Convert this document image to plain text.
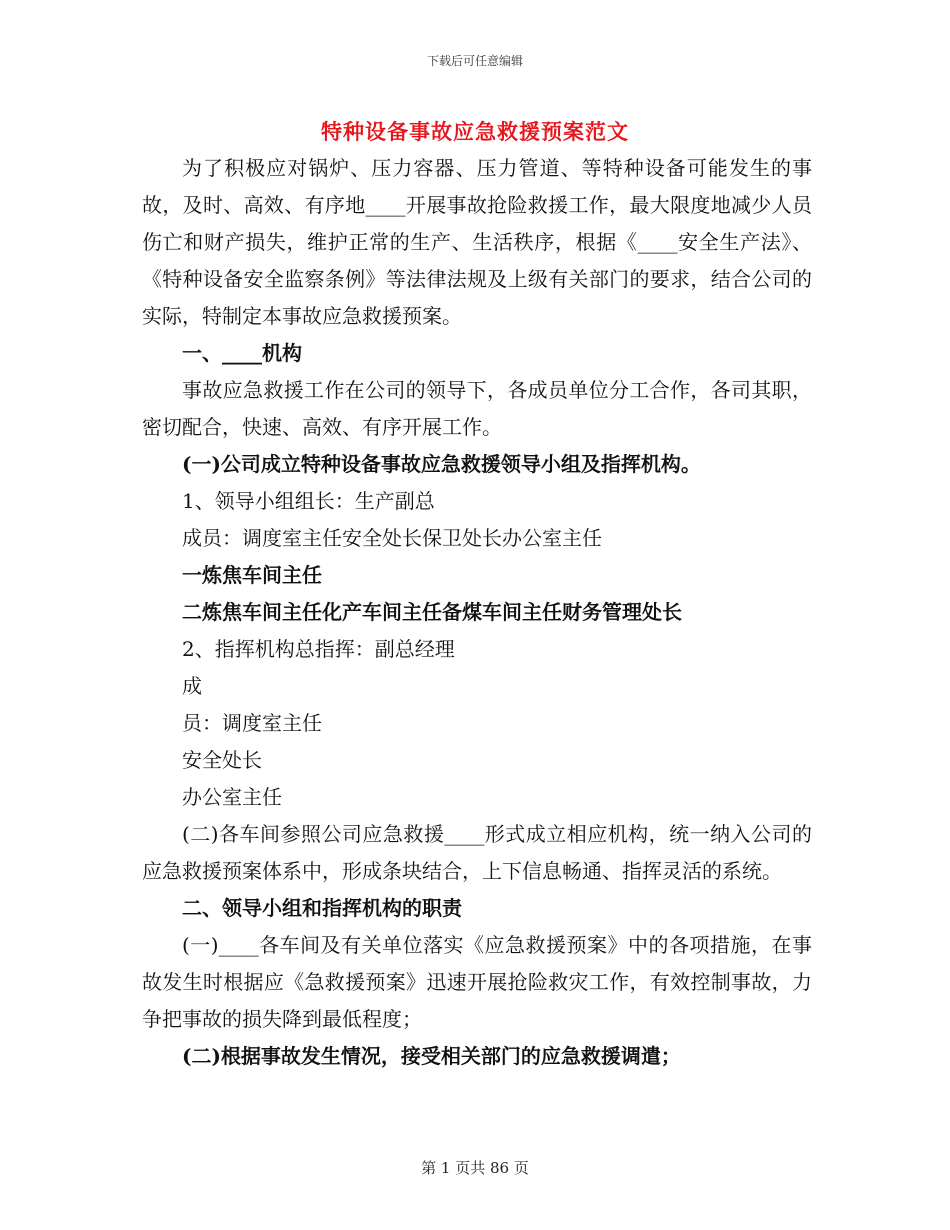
下载后可任意编辑
特种设备事故应急救援预案范文

为了积极应对锅炉、压力容器、压力管道、等特种设备可能发生的事故，及时、高效、有序地____开展事故抢险救援工作，最大限度地减少人员伤亡和财产损失，维护正常的生产、生活秩序，根据《____安全生产法》、《特种设备安全监察条例》等法律法规及上级有关部门的要求，结合公司的实际，特制定本事故应急救援预案。

一、____机构

事故应急救援工作在公司的领导下，各成员单位分工合作，各司其职，密切配合，快速、高效、有序开展工作。

(一)公司成立特种设备事故应急救援领导小组及指挥机构。

1、领导小组组长：生产副总

成员：调度室主任安全处长保卫处长办公室主任

一炼焦车间主任

二炼焦车间主任化产车间主任备煤车间主任财务管理处长

2、指挥机构总指挥：副总经理

成

员：调度室主任

安全处长

办公室主任

(二)各车间参照公司应急救援____形式成立相应机构，统一纳入公司的应急救援预案体系中，形成条块结合，上下信息畅通、指挥灵活的系统。

二、领导小组和指挥机构的职责

(一)____各车间及有关单位落实《应急救援预案》中的各项措施，在事故发生时根据应《急救援预案》迅速开展抢险救灾工作，有效控制事故，力争把事故的损失降到最低程度；

(二)根据事故发生情况，接受相关部门的应急救援调遣；

第 1 页共 86 页
